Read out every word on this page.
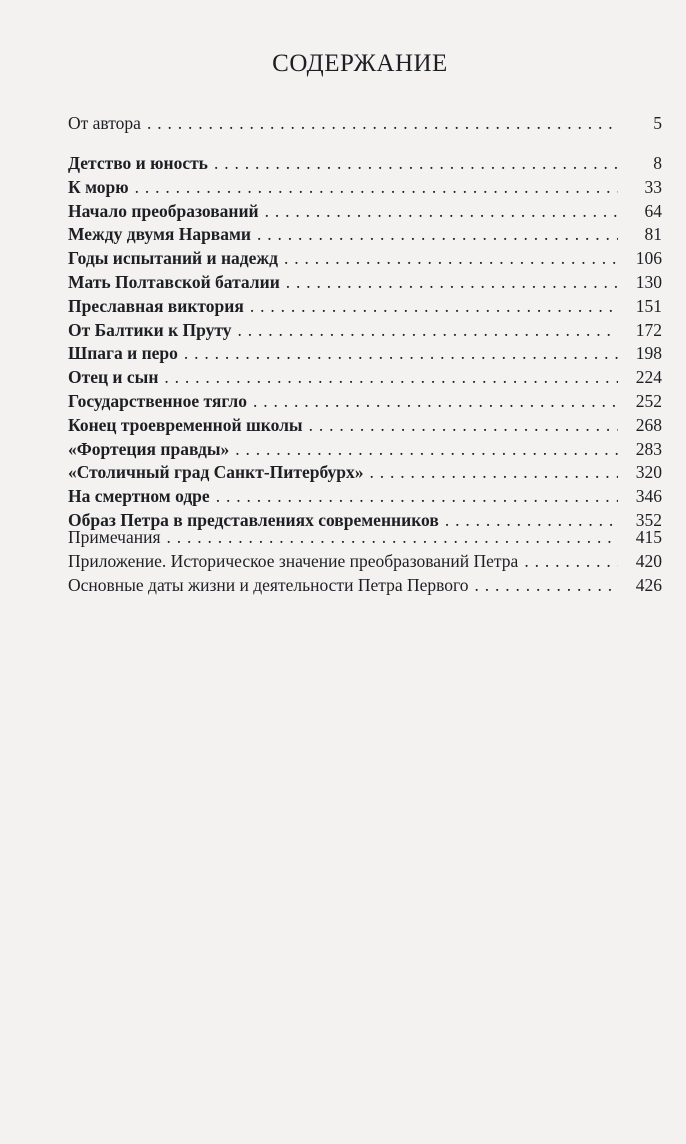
СОДЕРЖАНИЕ
От автора . . .	5
Детство и юность . . .	8
К морю . . .	33
Начало преобразований . . .	64
Между двумя Нарвами . . .	81
Годы испытаний и надежд . . .	106
Мать Полтавской баталии . . .	130
Преславная виктория . . .	151
От Балтики к Пруту . . .	172
Шпага и перо . . .	198
Отец и сын . . .	224
Государственное тягло . . .	252
Конец троевременной школы . . .	268
«Фортеция правды» . . .	283
«Столичный град Санкт-Питербурх» . . .	320
На смертном одре . . .	346
Образ Петра в представлениях современников . . .	352
Примечания . . .	415
Приложение. Историческое значение преобразований Петра . . .	420
Основные даты жизни и деятельности Петра Первого . . .	426
